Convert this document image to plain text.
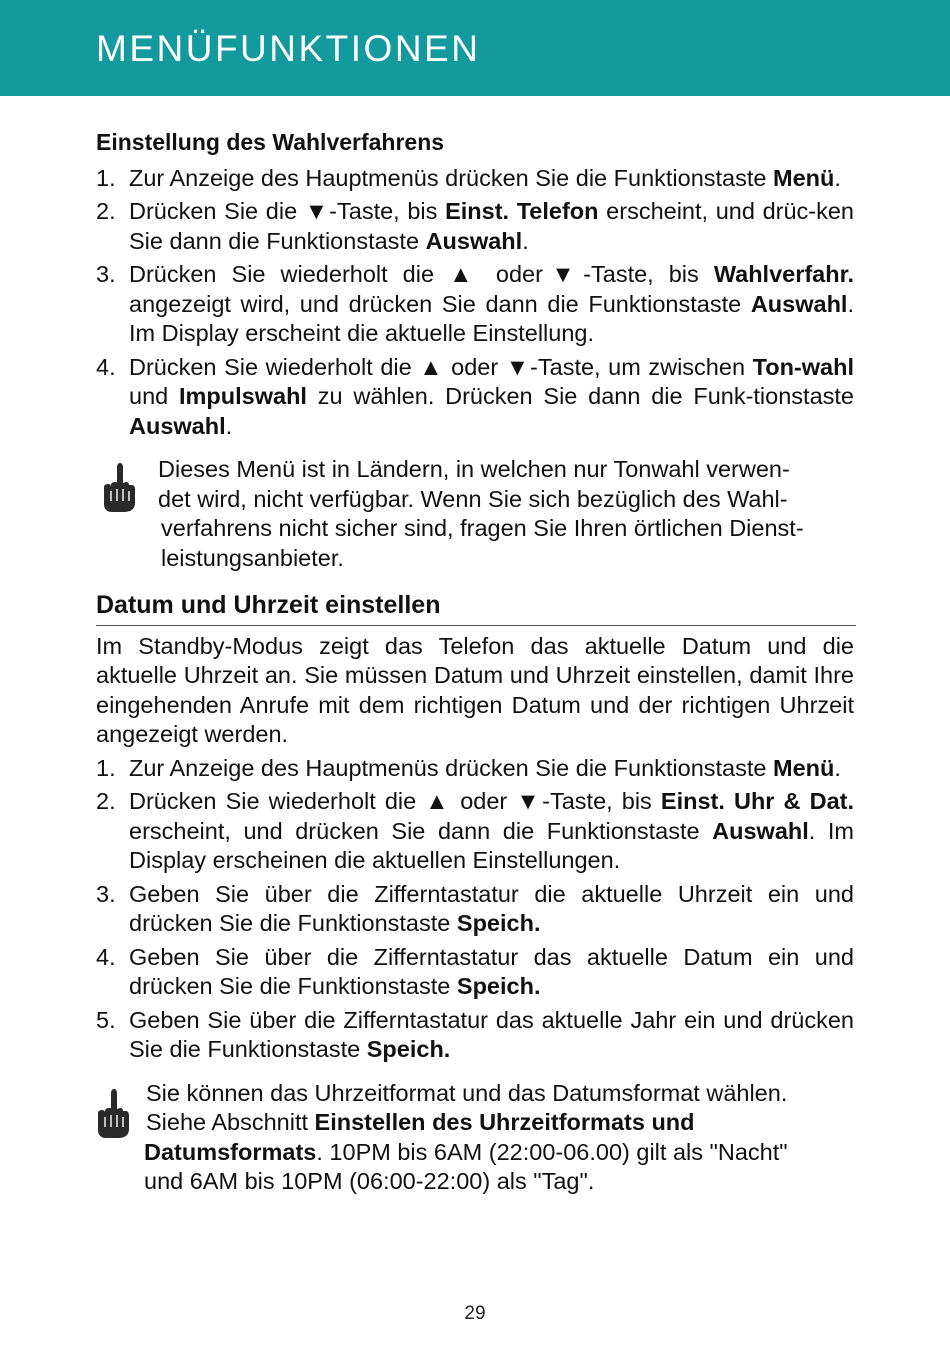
MENÜFUNKTIONEN
Einstellung des Wahlverfahrens
1. Zur Anzeige des Hauptmenüs drücken Sie die Funktionstaste Menü.
2. Drücken Sie die ▼-Taste, bis Einst. Telefon erscheint, und drüc-ken Sie dann die Funktionstaste Auswahl.
3. Drücken Sie wiederholt die ▲ oder▼-Taste, bis Wahlverfahr. angezeigt wird, und drücken Sie dann die Funktionstaste Auswahl. Im Display erscheint die aktuelle Einstellung.
4. Drücken Sie wiederholt die ▲ oder ▼-Taste, um zwischen Ton-wahl und Impulswahl zu wählen. Drücken Sie dann die Funk-tionstaste Auswahl.
Dieses Menü ist in Ländern, in welchen nur Tonwahl verwen-
det wird, nicht verfügbar. Wenn Sie sich bezüglich des Wahl-
verfahrens nicht sicher sind, fragen Sie Ihren örtlichen Dienst-
leistungsanbieter.
Datum und Uhrzeit einstellen
Im Standby-Modus zeigt das Telefon das aktuelle Datum und die aktuelle Uhrzeit an. Sie müssen Datum und Uhrzeit einstellen, damit Ihre eingehenden Anrufe mit dem richtigen Datum und der richtigen Uhrzeit angezeigt werden.
1. Zur Anzeige des Hauptmenüs drücken Sie die Funktionstaste Menü.
2. Drücken Sie wiederholt die ▲ oder ▼-Taste, bis Einst. Uhr & Dat. erscheint, und drücken Sie dann die Funktionstaste Auswahl. Im Display erscheinen die aktuellen Einstellungen.
3. Geben Sie über die Zifferntastatur die aktuelle Uhrzeit ein und drücken Sie die Funktionstaste Speich.
4. Geben Sie über die Zifferntastatur das aktuelle Datum ein und drücken Sie die Funktionstaste Speich.
5. Geben Sie über die Zifferntastatur das aktuelle Jahr ein und drücken Sie die Funktionstaste Speich.
Sie können das Uhrzeitformat und das Datumsformat wählen.
Siehe Abschnitt Einstellen des Uhrzeitformats und
Datumsformats. 10PM bis 6AM (22:00-06.00) gilt als "Nacht"
und 6AM bis 10PM (06:00-22:00) als "Tag".
29
